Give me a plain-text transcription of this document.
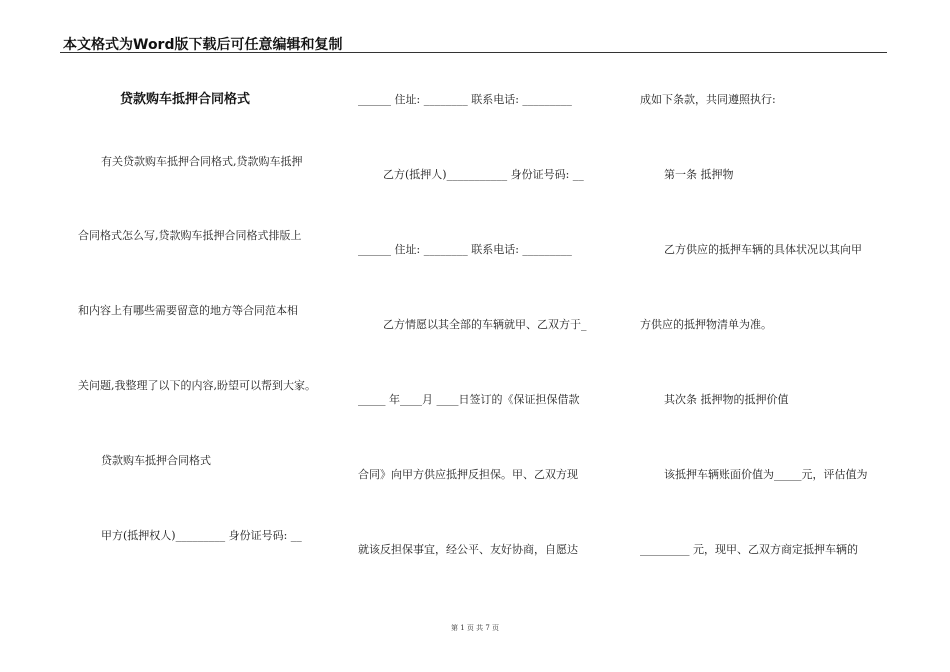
本文格式为Word版下载后可任意编辑和复制
贷款购车抵押合同格式
有关贷款购车抵押合同格式,贷款购车抵押
合同格式怎么写,贷款购车抵押合同格式排版上
和内容上有哪些需要留意的地方等合同范本相
关问题,我整理了以下的内容,盼望可以帮到大家。
贷款购车抵押合同格式
甲方(抵押权人)_________ 身份证号码: __
______ 住址: ________ 联系电话: _________
乙方(抵押人)___________ 身份证号码: __
______ 住址: ________ 联系电话: _________
乙方情愿以其全部的车辆就甲、乙双方于_
_____ 年____月 ____日签订的《保证担保借款
合同》向甲方供应抵押反担保。甲、乙双方现
就该反担保事宜，经公平、友好协商，自愿达
成如下条款，共同遵照执行:
第一条 抵押物
乙方供应的抵押车辆的具体状况以其向甲
方供应的抵押物清单为准。
其次条 抵押物的抵押价值
该抵押车辆账面价值为_____元，评估值为
_________ 元，现甲、乙双方商定抵押车辆的
第 1 页 共 7 页
